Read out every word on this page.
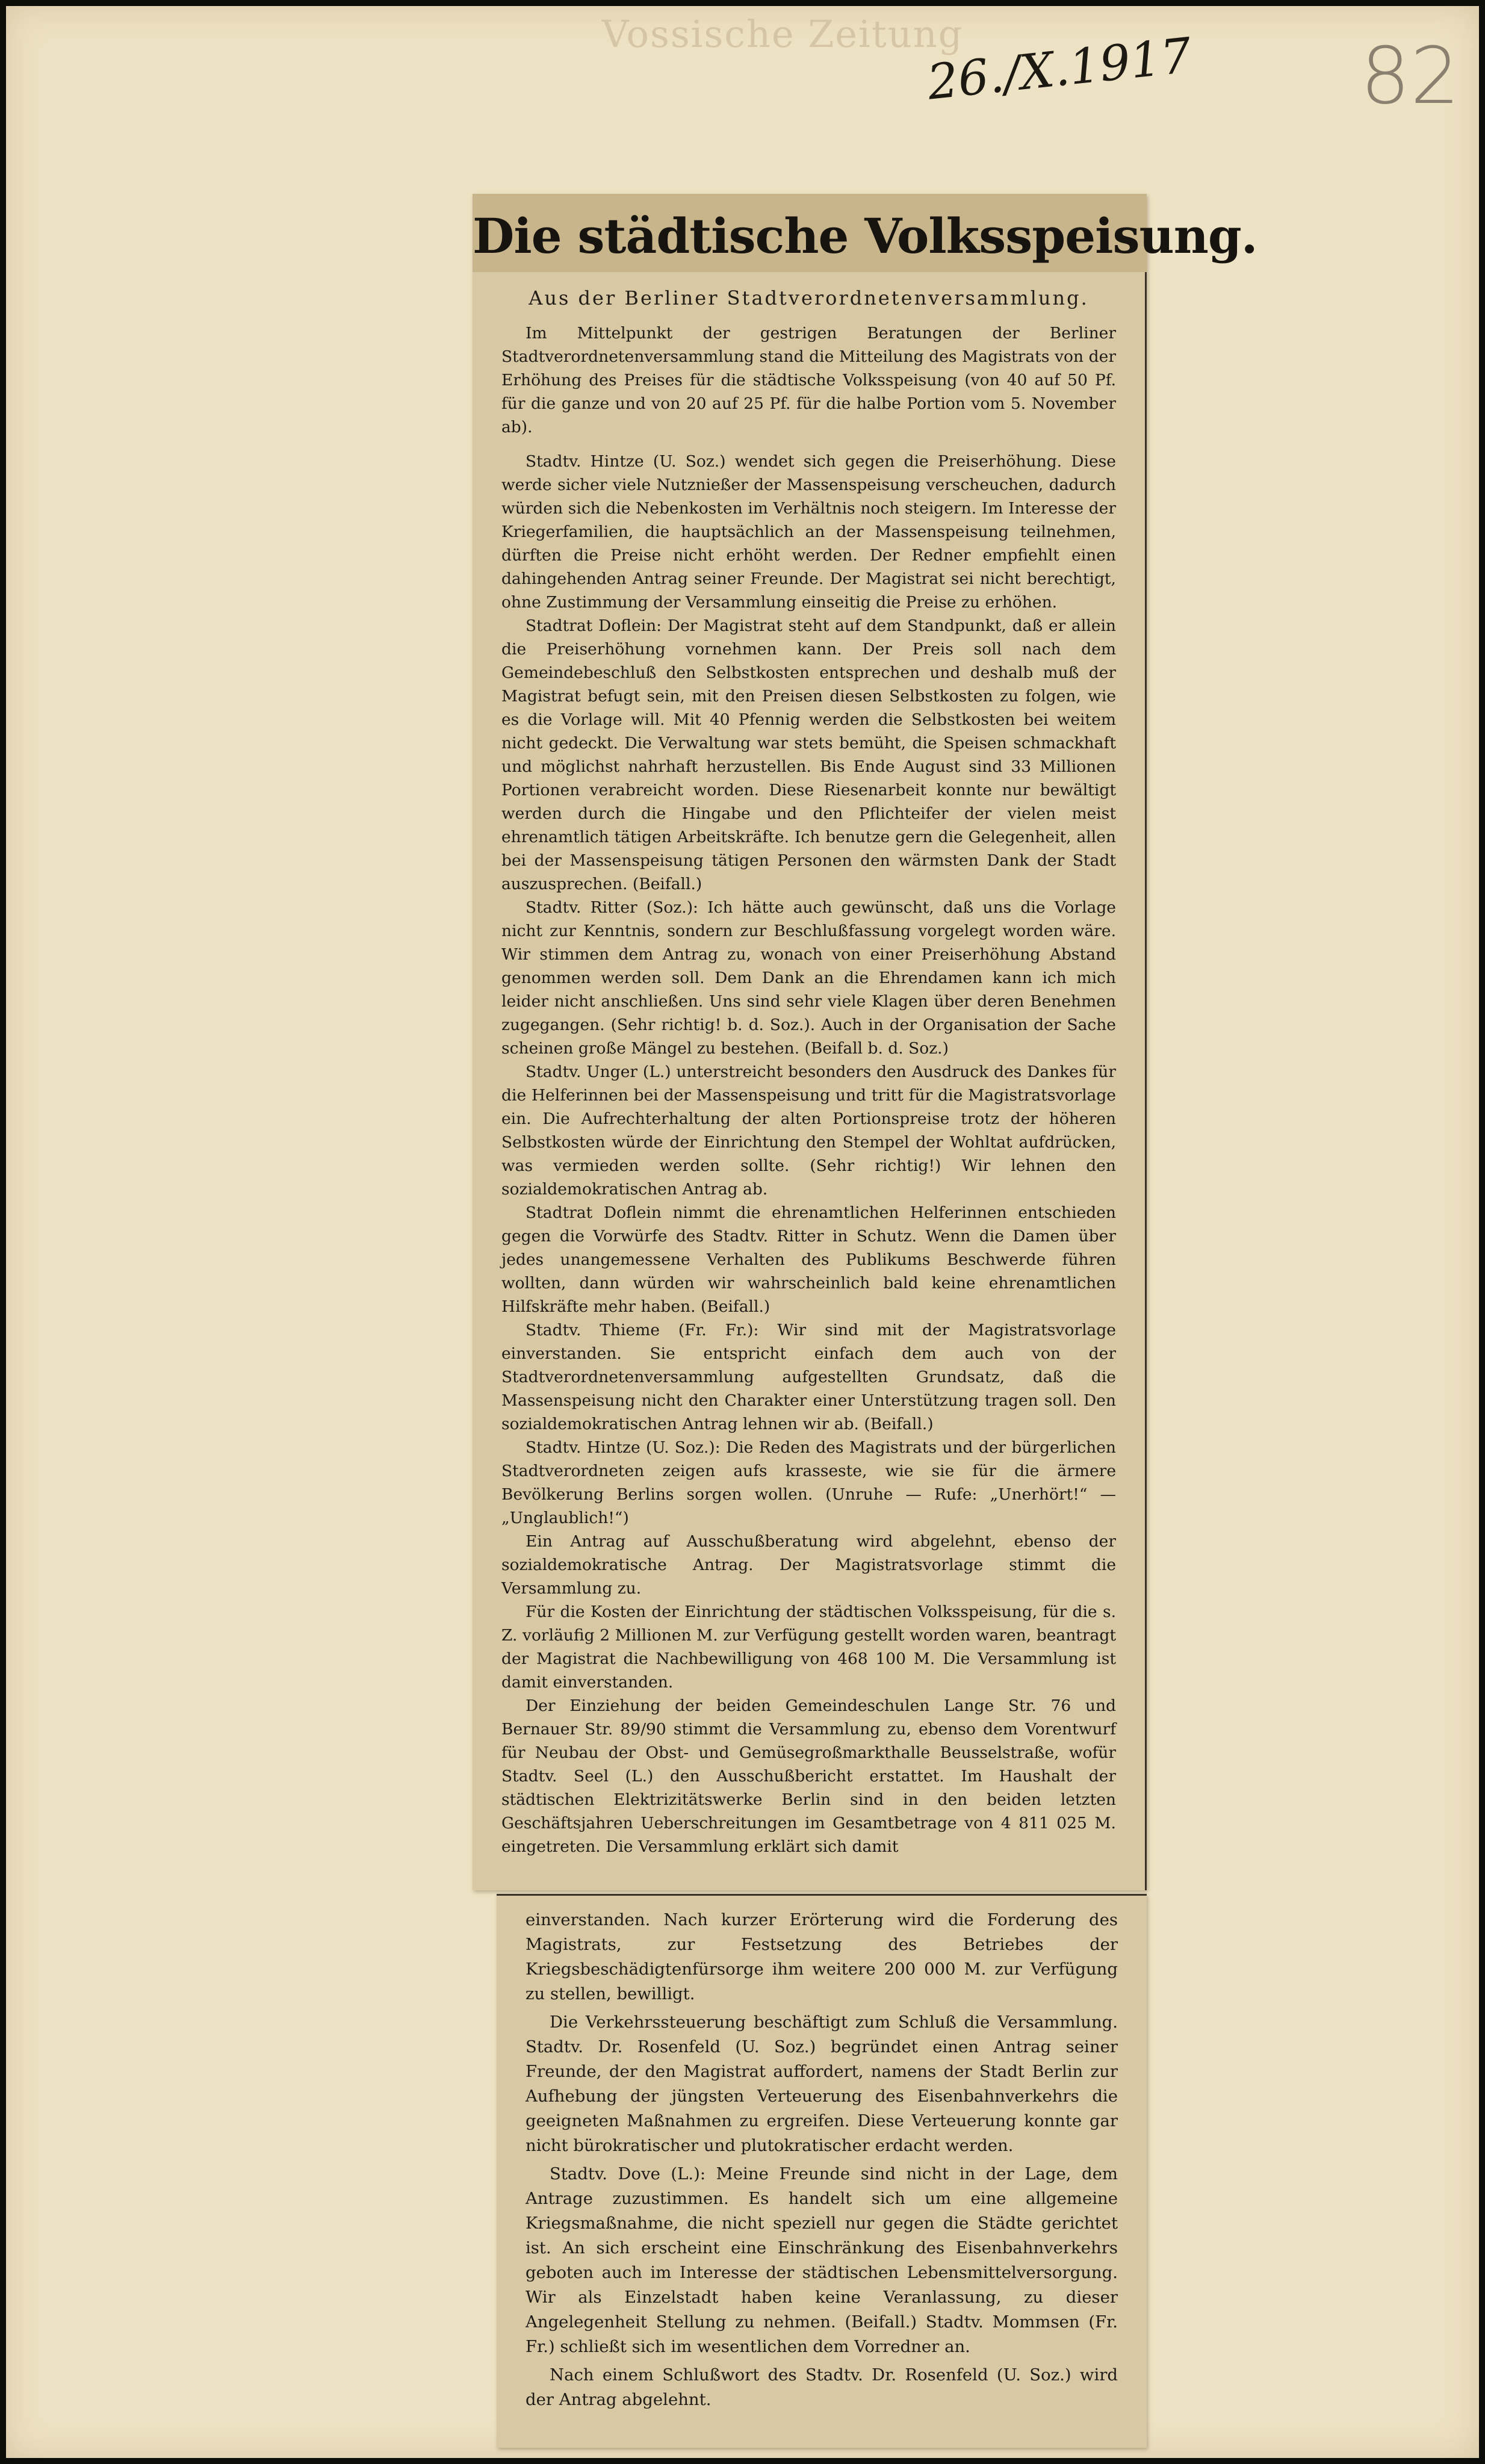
Vossische Zeitung
26./X.1917 82
Die städtische Volksspeisung.

Aus der Berliner Stadtverordnetenversammlung.

Im Mittelpunkt der gestrigen Beratungen der Berliner Stadtverordnetenversammlung stand die Mitteilung des Magistrats von der Erhöhung des Preises für die städtische Volksspeisung (von 40 auf 50 Pf. für die ganze und von 20 auf 25 Pf. für die halbe Portion vom 5. November ab).

Stadtv. Hintze (U. Soz.) wendet sich gegen die Preiserhöhung. Diese werde sicher viele Nutznießer der Massenspeisung verscheuchen, dadurch würden sich die Nebenkosten im Verhältnis noch steigern. Im Interesse der Kriegerfamilien, die hauptsächlich an der Massenspeisung teilnehmen, dürften die Preise nicht erhöht werden. Der Redner empfiehlt einen dahingehenden Antrag seiner Freunde. Der Magistrat sei nicht berechtigt, ohne Zustimmung der Versammlung einseitig die Preise zu erhöhen.

Stadtrat Doflein: Der Magistrat steht auf dem Standpunkt, daß er allein die Preiserhöhung vornehmen kann. Der Preis soll nach dem Gemeindebeschluß den Selbstkosten entsprechen und deshalb muß der Magistrat befugt sein, mit den Preisen diesen Selbstkosten zu folgen, wie es die Vorlage will. Mit 40 Pfennig werden die Selbstkosten bei weitem nicht gedeckt. Die Verwaltung war stets bemüht, die Speisen schmackhaft und möglichst nahrhaft herzustellen. Bis Ende August sind 33 Millionen Portionen verabreicht worden. Diese Riesenarbeit konnte nur bewältigt werden durch die Hingabe und den Pflichteifer der vielen meist ehrenamtlich tätigen Arbeitskräfte. Ich benutze gern die Gelegenheit, allen bei der Massenspeisung tätigen Personen den wärmsten Dank der Stadt auszusprechen. (Beifall.)

Stadtv. Ritter (Soz.): Ich hätte auch gewünscht, daß uns die Vorlage nicht zur Kenntnis, sondern zur Beschlußfassung vorgelegt worden wäre. Wir stimmen dem Antrag zu, wonach von einer Preiserhöhung Abstand genommen werden soll. Dem Dank an die Ehrendamen kann ich mich leider nicht anschließen. Uns sind sehr viele Klagen über deren Benehmen zugegangen. (Sehr richtig! b. d. Soz.). Auch in der Organisation der Sache scheinen große Mängel zu bestehen. (Beifall b. d. Soz.)

Stadtv. Unger (L.) unterstreicht besonders den Ausdruck des Dankes für die Helferinnen bei der Massenspeisung und tritt für die Magistratsvorlage ein. Die Aufrechterhaltung der alten Portionspreise trotz der höheren Selbstkosten würde der Einrichtung den Stempel der Wohltat aufdrücken, was vermieden werden sollte. (Sehr richtig!) Wir lehnen den sozialdemokratischen Antrag ab.

Stadtrat Doflein nimmt die ehrenamtlichen Helferinnen entschieden gegen die Vorwürfe des Stadtv. Ritter in Schutz. Wenn die Damen über jedes unangemessene Verhalten des Publikums Beschwerde führen wollten, dann würden wir wahrscheinlich bald keine ehrenamtlichen Hilfskräfte mehr haben. (Beifall.)

Stadtv. Thieme (Fr. Fr.): Wir sind mit der Magistratsvorlage einverstanden. Sie entspricht einfach dem auch von der Stadtverordnetenversammlung aufgestellten Grundsatz, daß die Massenspeisung nicht den Charakter einer Unterstützung tragen soll. Den sozialdemokratischen Antrag lehnen wir ab. (Beifall.)

Stadtv. Hintze (U. Soz.): Die Reden des Magistrats und der bürgerlichen Stadtverordneten zeigen aufs krasseste, wie sie für die ärmere Bevölkerung Berlins sorgen wollen. (Unruhe — Rufe: „Unerhört!“ — „Unglaublich!“)

Ein Antrag auf Ausschußberatung wird abgelehnt, ebenso der sozialdemokratische Antrag. Der Magistratsvorlage stimmt die Versammlung zu.

Für die Kosten der Einrichtung der städtischen Volksspeisung, für die s. Z. vorläufig 2 Millionen M. zur Verfügung gestellt worden waren, beantragt der Magistrat die Nachbewilligung von 468 100 M. Die Versammlung ist damit einverstanden.

Der Einziehung der beiden Gemeindeschulen Lange Str. 76 und Bernauer Str. 89/90 stimmt die Versammlung zu, ebenso dem Vorentwurf für Neubau der Obst- und Gemüsegroßmarkthalle Beusselstraße, wofür Stadtv. Seel (L.) den Ausschußbericht erstattet. Im Haushalt der städtischen Elektrizitätswerke Berlin sind in den beiden letzten Geschäftsjahren Ueberschreitungen im Gesamtbetrage von 4 811 025 M. eingetreten. Die Versammlung erklärt sich damit

einverstanden. Nach kurzer Erörterung wird die Forderung des Magistrats, zur Festsetzung des Betriebes der Kriegsbeschädigtenfürsorge ihm weitere 200 000 M. zur Verfügung zu stellen, bewilligt.

Die Verkehrssteuerung beschäftigt zum Schluß die Versammlung. Stadtv. Dr. Rosenfeld (U. Soz.) begründet einen Antrag seiner Freunde, der den Magistrat auffordert, namens der Stadt Berlin zur Aufhebung der jüngsten Verteuerung des Eisenbahnverkehrs die geeigneten Maßnahmen zu ergreifen. Diese Verteuerung konnte gar nicht bürokratischer und plutokratischer erdacht werden.

Stadtv. Dove (L.): Meine Freunde sind nicht in der Lage, dem Antrage zuzustimmen. Es handelt sich um eine allgemeine Kriegsmaßnahme, die nicht speziell nur gegen die Städte gerichtet ist. An sich erscheint eine Einschränkung des Eisenbahnverkehrs geboten auch im Interesse der städtischen Lebensmittelversorgung. Wir als Einzelstadt haben keine Veranlassung, zu dieser Angelegenheit Stellung zu nehmen. (Beifall.) Stadtv. Mommsen (Fr. Fr.) schließt sich im wesentlichen dem Vorredner an.

Nach einem Schlußwort des Stadtv. Dr. Rosenfeld (U. Soz.) wird der Antrag abgelehnt.
